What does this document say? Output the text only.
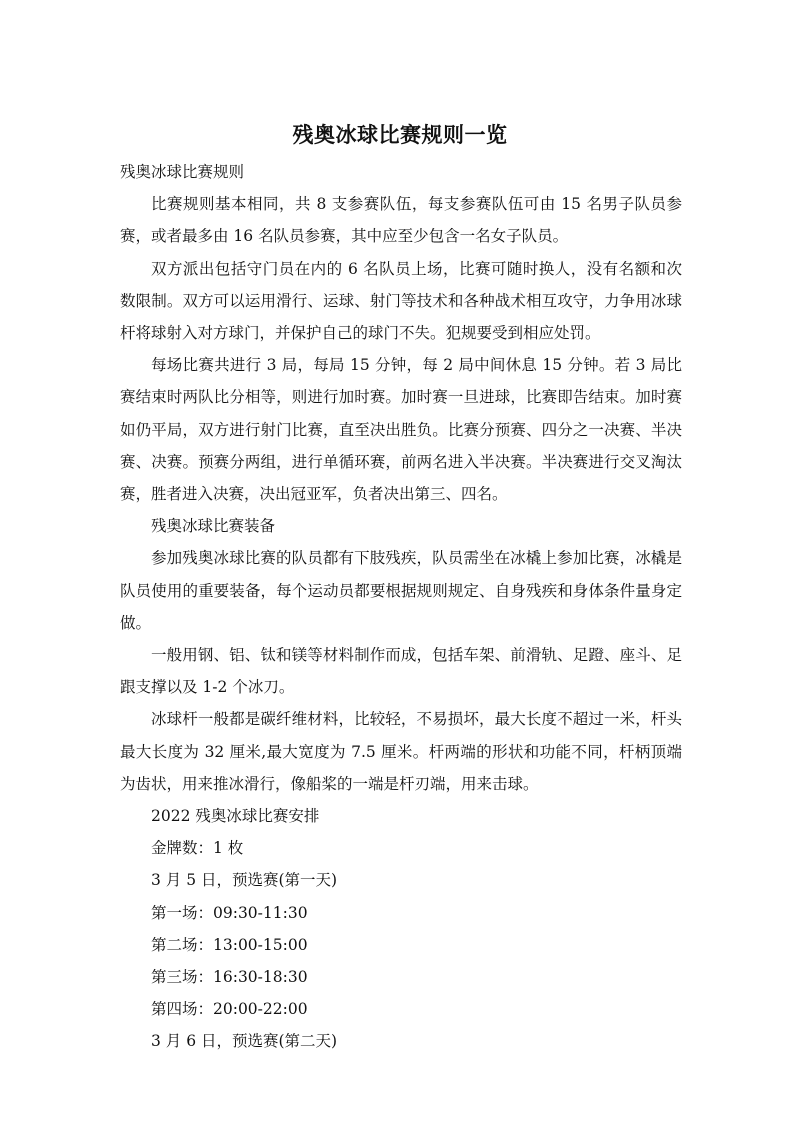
残奥冰球比赛规则一览

残奥冰球比赛规则

比赛规则基本相同，共 8 支参赛队伍，每支参赛队伍可由 15 名男子队员参赛，或者最多由 16 名队员参赛，其中应至少包含一名女子队员。

双方派出包括守门员在内的 6 名队员上场，比赛可随时换人，没有名额和次数限制。双方可以运用滑行、运球、射门等技术和各种战术相互攻守，力争用冰球杆将球射入对方球门，并保护自己的球门不失。犯规要受到相应处罚。

每场比赛共进行 3 局，每局 15 分钟，每 2 局中间休息 15 分钟。若 3 局比赛结束时两队比分相等，则进行加时赛。加时赛一旦进球，比赛即告结束。加时赛如仍平局，双方进行射门比赛，直至决出胜负。比赛分预赛、四分之一决赛、半决赛、决赛。预赛分两组，进行单循环赛，前两名进入半决赛。半决赛进行交叉淘汰赛，胜者进入决赛，决出冠亚军，负者决出第三、四名。

残奥冰球比赛装备

参加残奥冰球比赛的队员都有下肢残疾，队员需坐在冰橇上参加比赛，冰橇是队员使用的重要装备，每个运动员都要根据规则规定、自身残疾和身体条件量身定做。

一般用钢、铝、钛和镁等材料制作而成，包括车架、前滑轨、足蹬、座斗、足跟支撑以及 1-2 个冰刀。

冰球杆一般都是碳纤维材料，比较轻，不易损坏，最大长度不超过一米，杆头最大长度为 32 厘米,最大宽度为 7.5 厘米。杆两端的形状和功能不同，杆柄顶端为齿状，用来推冰滑行，像船桨的一端是杆刃端，用来击球。

2022 残奥冰球比赛安排

金牌数：1 枚

3 月 5 日，预选赛(第一天)

第一场：09:30-11:30

第二场：13:00-15:00

第三场：16:30-18:30

第四场：20:00-22:00

3 月 6 日，预选赛(第二天)
